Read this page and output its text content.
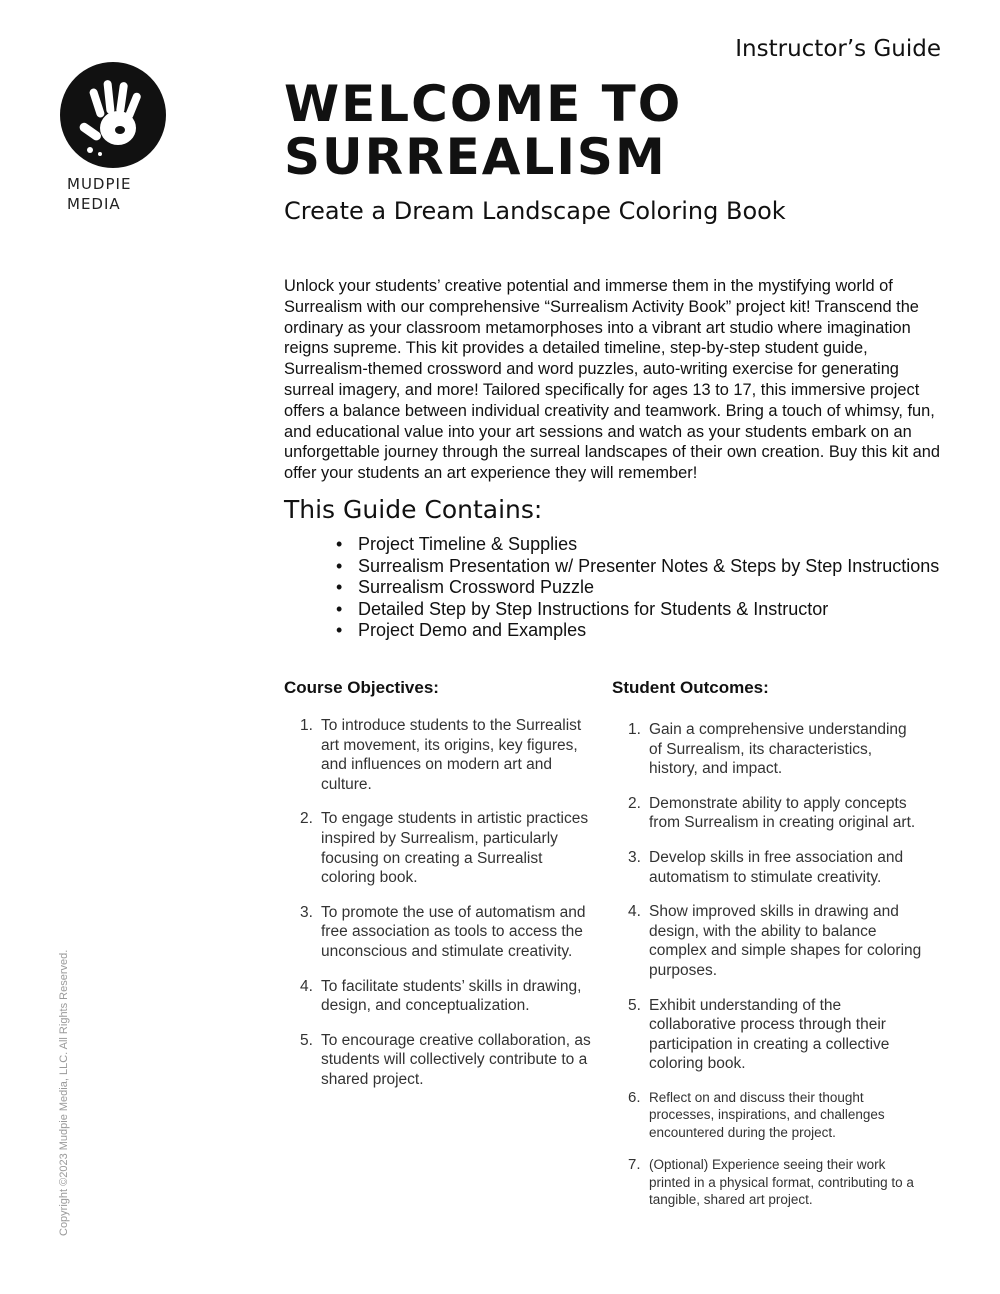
Instructor’s Guide
MUDPIE
MEDIA
WELCOME TO
SURREALISM
Create a Dream Landscape Coloring Book

Unlock your students’ creative potential and immerse them in the mystifying world of Surrealism with our comprehensive “Surrealism Activity Book” project kit! Transcend the ordinary as your classroom metamorphoses into a vibrant art studio where imagination reigns supreme. This kit provides a detailed timeline, step-by-step student guide, Surrealism-themed crossword and word puzzles, auto-writing exercise for generating surreal imagery, and more! Tailored specifically for ages 13 to 17, this immersive project offers a balance between individual creativity and teamwork. Bring a touch of whimsy, fun, and educational value into your art sessions and watch as your students embark on an unforgettable journey through the surreal landscapes of their own creation. Buy this kit and offer your students an art experience they will remember!

This Guide Contains:
• Project Timeline & Supplies
• Surrealism Presentation w/ Presenter Notes & Steps by Step Instructions
• Surrealism Crossword Puzzle
• Detailed Step by Step Instructions for Students & Instructor
• Project Demo and Examples
Course Objectives:
1. To introduce students to the Surrealist art movement, its origins, key figures, and influences on modern art and culture.
2. To engage students in artistic practices inspired by Surrealism, particularly focusing on creating a Surrealist coloring book.
3. To promote the use of automatism and free association as tools to access the unconscious and stimulate creativity.
4. To facilitate students’ skills in drawing, design, and conceptualization.
5. To encourage creative collaboration, as students will collectively contribute to a shared project.
Student Outcomes:
1. Gain a comprehensive understanding of Surrealism, its characteristics, history, and impact.
2. Demonstrate ability to apply concepts from Surrealism in creating original art.
3. Develop skills in free association and automatism to stimulate creativity.
4. Show improved skills in drawing and design, with the ability to balance complex and simple shapes for coloring purposes.
5. Exhibit understanding of the collaborative process through their participation in creating a collective coloring book.
6. Reflect on and discuss their thought processes, inspirations, and challenges encountered during the project.
7. (Optional) Experience seeing their work printed in a physical format, contributing to a tangible, shared art project.
Copyright ©2023 Mudpie Media, LLC. All Rights Reserved.
